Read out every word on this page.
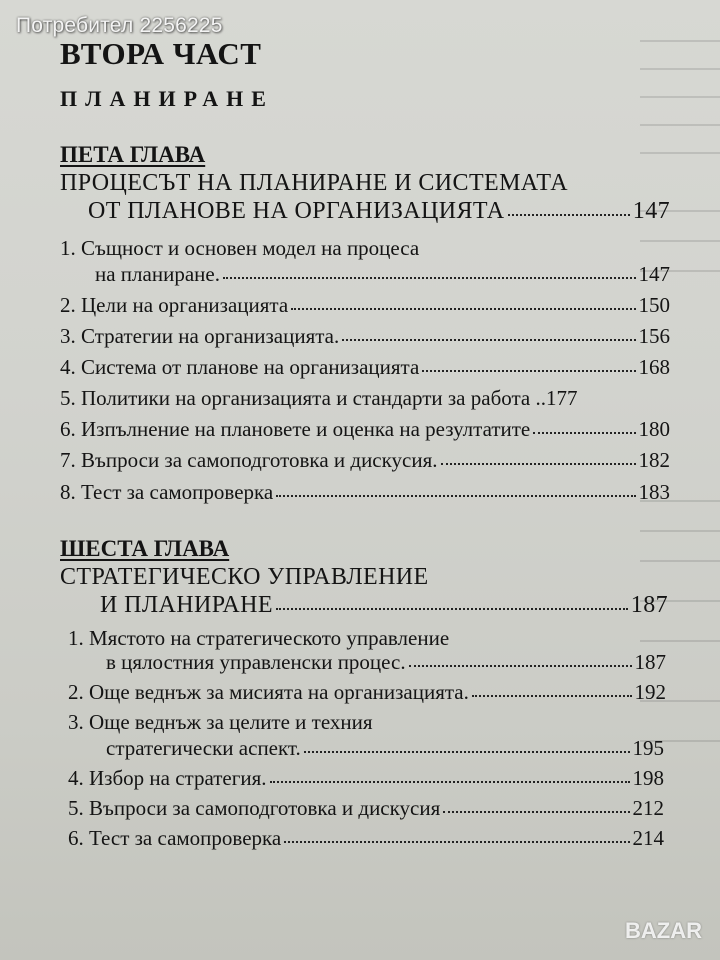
Потребител 2256225
ВТОРА ЧАСТ
ПЛАНИРАНЕ
ПЕТА ГЛАВА
ПРОЦЕСЪТ НА ПЛАНИРАНЕ И СИСТЕМАТА
ОТ ПЛАНОВЕ НА ОРГАНИЗАЦИЯТА	147
1. Същност и основен модел на процеса
на планиране.	147
2. Цели на организацията	150
3. Стратегии на организацията.	156
4. Система от планове на организацията	168
5. Политики на организацията и стандарти за работа .. 177
6. Изпълнение на плановете и оценка на резултатите	180
7. Въпроси за самоподготовка и дискусия.	182
8. Тест за самопроверка	183
ШЕСТА ГЛАВА
СТРАТЕГИЧЕСКО УПРАВЛЕНИЕ
И ПЛАНИРАНЕ	187
1. Мястото на стратегическото управление
в цялостния управленски процес.	187
2. Още веднъж за мисията на организацията.	192
3. Още веднъж за целите и техния
стратегически аспект.	195
4. Избор на стратегия.	198
5. Въпроси за самоподготовка и дискусия	212
6. Тест за самопроверка	214
BAZAR
